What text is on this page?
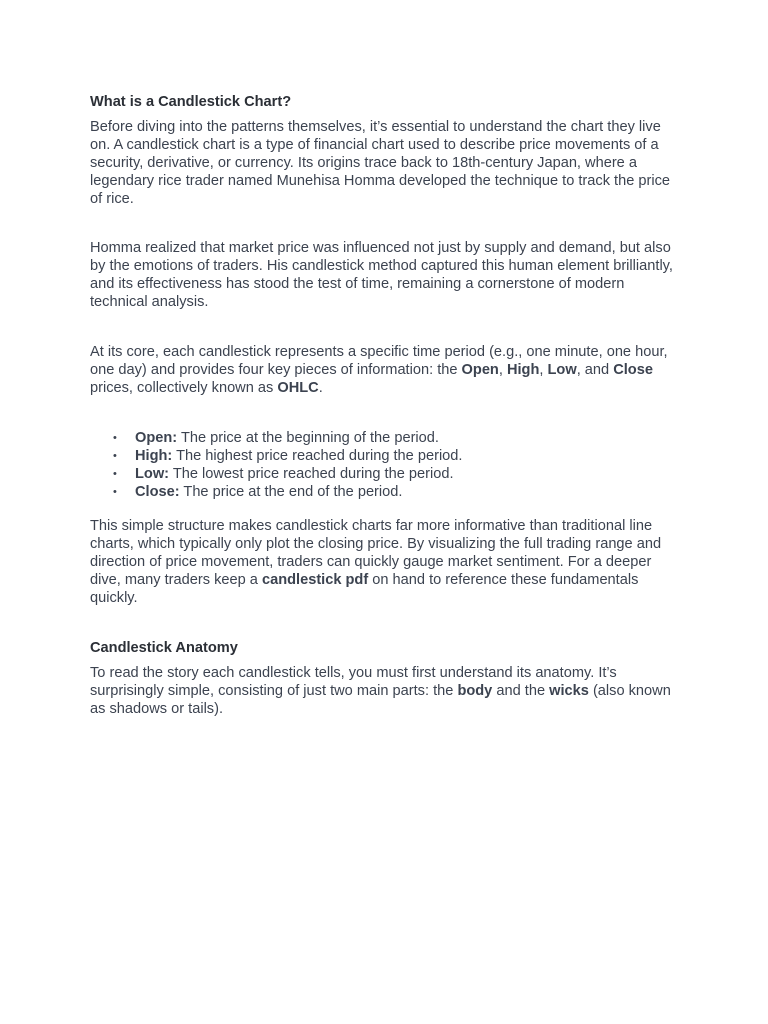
What is a Candlestick Chart?

Before diving into the patterns themselves, it’s essential to understand the chart they live on. A candlestick chart is a type of financial chart used to describe price movements of a security, derivative, or currency. Its origins trace back to 18th-century Japan, where a legendary rice trader named Munehisa Homma developed the technique to track the price of rice.

Homma realized that market price was influenced not just by supply and demand, but also by the emotions of traders. His candlestick method captured this human element brilliantly, and its effectiveness has stood the test of time, remaining a cornerstone of modern technical analysis.

At its core, each candlestick represents a specific time period (e.g., one minute, one hour, one day) and provides four key pieces of information: the Open, High, Low, and Close prices, collectively known as OHLC.

• Open: The price at the beginning of the period.
• High: The highest price reached during the period.
• Low: The lowest price reached during the period.
• Close: The price at the end of the period.

This simple structure makes candlestick charts far more informative than traditional line charts, which typically only plot the closing price. By visualizing the full trading range and direction of price movement, traders can quickly gauge market sentiment. For a deeper dive, many traders keep a candlestick pdf on hand to reference these fundamentals quickly.

Candlestick Anatomy

To read the story each candlestick tells, you must first understand its anatomy. It’s surprisingly simple, consisting of just two main parts: the body and the wicks (also known as shadows or tails).
